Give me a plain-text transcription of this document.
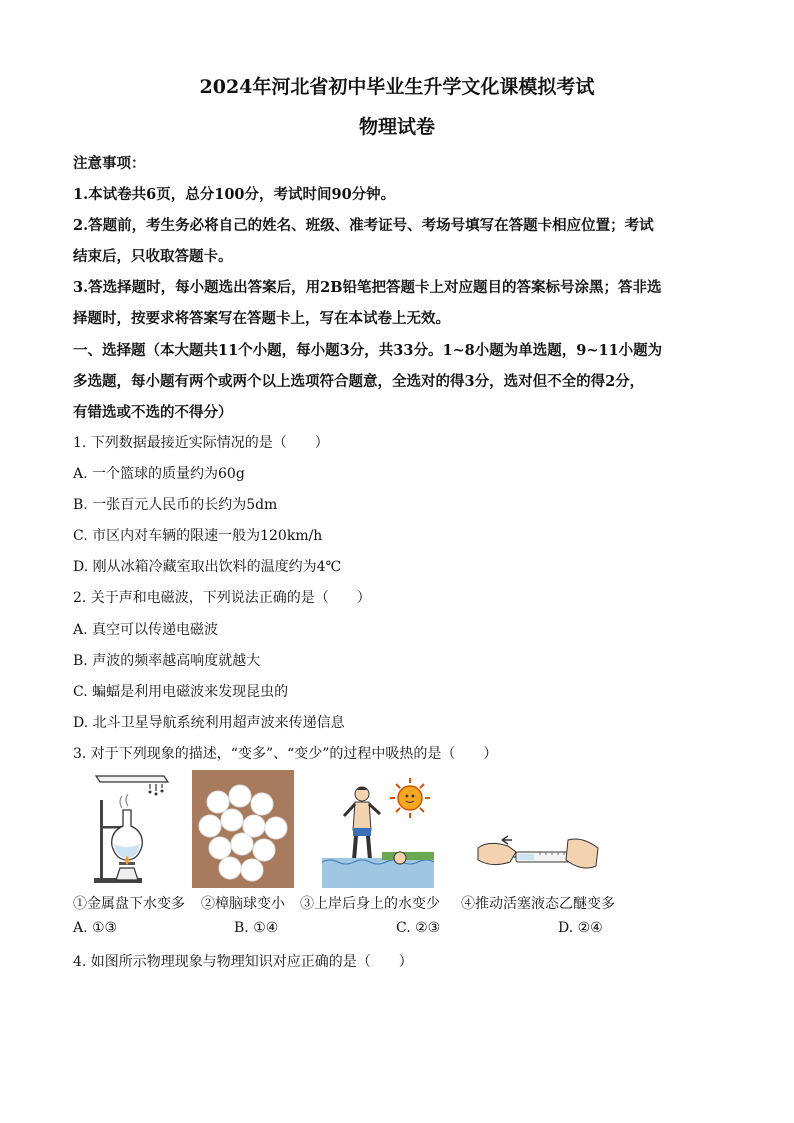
2024年河北省初中毕业生升学文化课模拟考试
物理试卷
注意事项：
1.本试卷共6页，总分100分，考试时间90分钟。
2.答题前，考生务必将自己的姓名、班级、准考证号、考场号填写在答题卡相应位置；考试
结束后，只收取答题卡。
3.答选择题时，每小题选出答案后，用2B铅笔把答题卡上对应题目的答案标号涂黑；答非选
择题时，按要求将答案写在答题卡上，写在本试卷上无效。
一、选择题（本大题共11个小题，每小题3分，共33分。1~8小题为单选题，9~11小题为
多选题，每小题有两个或两个以上选项符合题意，全选对的得3分，选对但不全的得2分，
有错选或不选的不得分）
1. 下列数据最接近实际情况的是（　　）
A. 一个篮球的质量约为60g
B. 一张百元人民币的长约为5dm
C. 市区内对车辆的限速一般为120km/h
D. 刚从冰箱冷藏室取出饮料的温度约为4℃
2. 关于声和电磁波，下列说法正确的是（　　）
A. 真空可以传递电磁波
B. 声波的频率越高响度就越大
C. 蝙蝠是利用电磁波来发现昆虫的
D. 北斗卫星导航系统利用超声波来传递信息
3. 对于下列现象的描述，“变多”、“变少”的过程中吸热的是（　　）
①金属盘下水变多 ②樟脑球变小 ③上岸后身上的水变少 ④推动活塞液态乙醚变多
A. ①③	B. ①④	C. ②③	D. ②④
4. 如图所示物理现象与物理知识对应正确的是（　　）
